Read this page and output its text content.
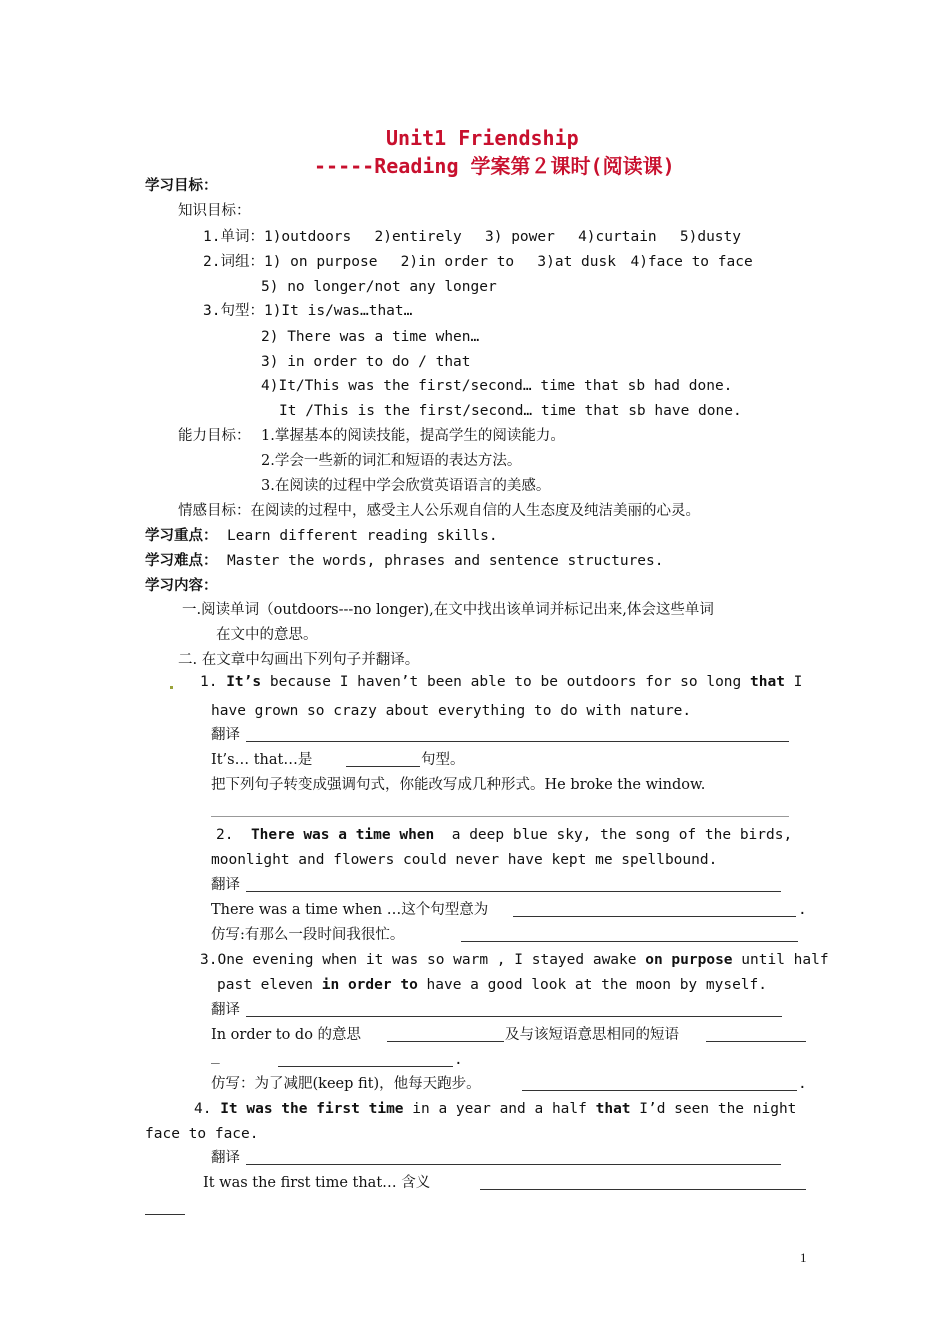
Unit1 Friendship
-----Reading 学案第２课时(阅读课)
学习目标：
知识目标：
1.单词：1)outdoors　 2)entirely　 3) power　 4)curtain　 5)dusty
2.词组：1) on purpose　 2)in order to　 3)at dusk　4)face to face
5) no longer/not any longer
3.句型：1)It is/was…that…
2) There was a time when…
3) in order to do / that
4)It/This was the first/second… time that sb had done.
It /This is the first/second… time that sb have done.
能力目标： 1.掌握基本的阅读技能，提高学生的阅读能力。
2.学会一些新的词汇和短语的表达方法。
3.在阅读的过程中学会欣赏英语语言的美感。
情感目标：在阅读的过程中，感受主人公乐观自信的人生态度及纯洁美丽的心灵。
学习重点： Learn different reading skills.
学习难点： Master the words, phrases and sentence structures.
学习内容：
一.阅读单词（outdoors---no longer),在文中找出该单词并标记出来,体会这些单词
在文中的意思。
二. 在文章中勾画出下列句子并翻译。
1. It’s because I haven’t been able to be outdoors for so long that I
have grown so crazy about everything to do with nature.
翻译
It’s… that…是	句型。
把下列句子转变成强调句式，你能改写成几种形式。He broke the window.
2. There was a time when a deep blue sky, the song of the birds,
moonlight and flowers could never have kept me spellbound.
翻译
There was a time when …这个句型意为	.
仿写:有那么一段时间我很忙。
3.One evening when it was so warm , I stayed awake on purpose until half
past eleven in order to have a good look at the moon by myself.
翻译
In order to do 的意思	及与该短语意思相同的短语
_	.
仿写：为了减肥(keep fit)，他每天跑步。	.
4. It was the first time in a year and a half that I’d seen the night
face to face.
翻译
It was the first time that… 含义
1
